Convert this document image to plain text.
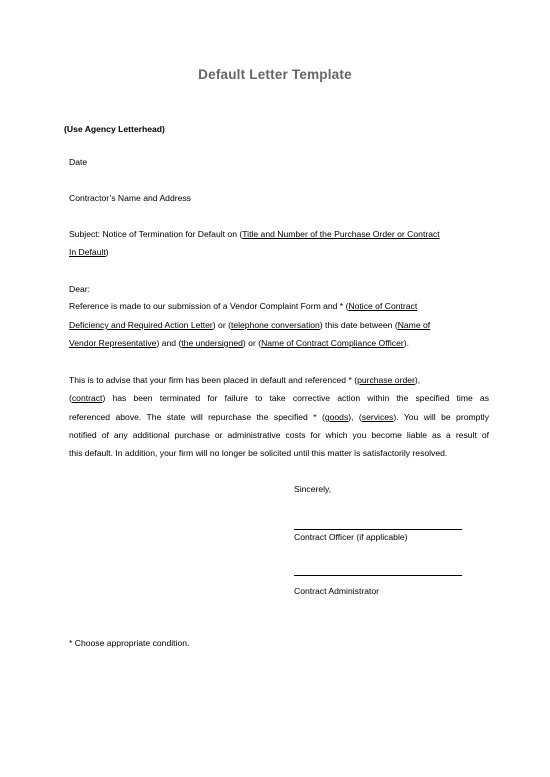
Default Letter Template
(Use Agency Letterhead)
Date
Contractor’s Name and Address
Subject: Notice of Termination for Default on (Title and Number of the Purchase Order or Contract
In Default)
Dear:
Reference is made to our submission of a Vendor Complaint Form and * (Notice of Contract
Deficiency and Required Action Letter) or (telephone conversation) this date between (Name of
Vendor Representative) and (the undersigned) or (Name of Contract Compliance Officer).
This is to advise that your firm has been placed in default and referenced * (purchase order),
(contract) has been terminated for failure to take corrective action within the specified time as
referenced above. The state will repurchase the specified * (goods), (services). You will be promptly
notified of any additional purchase or administrative costs for which you become liable as a result of
this default. In addition, your firm will no longer be solicited until this matter is satisfactorily resolved.
Sincerely,
Contract Officer (if applicable)
Contract Administrator
* Choose appropriate condition.
